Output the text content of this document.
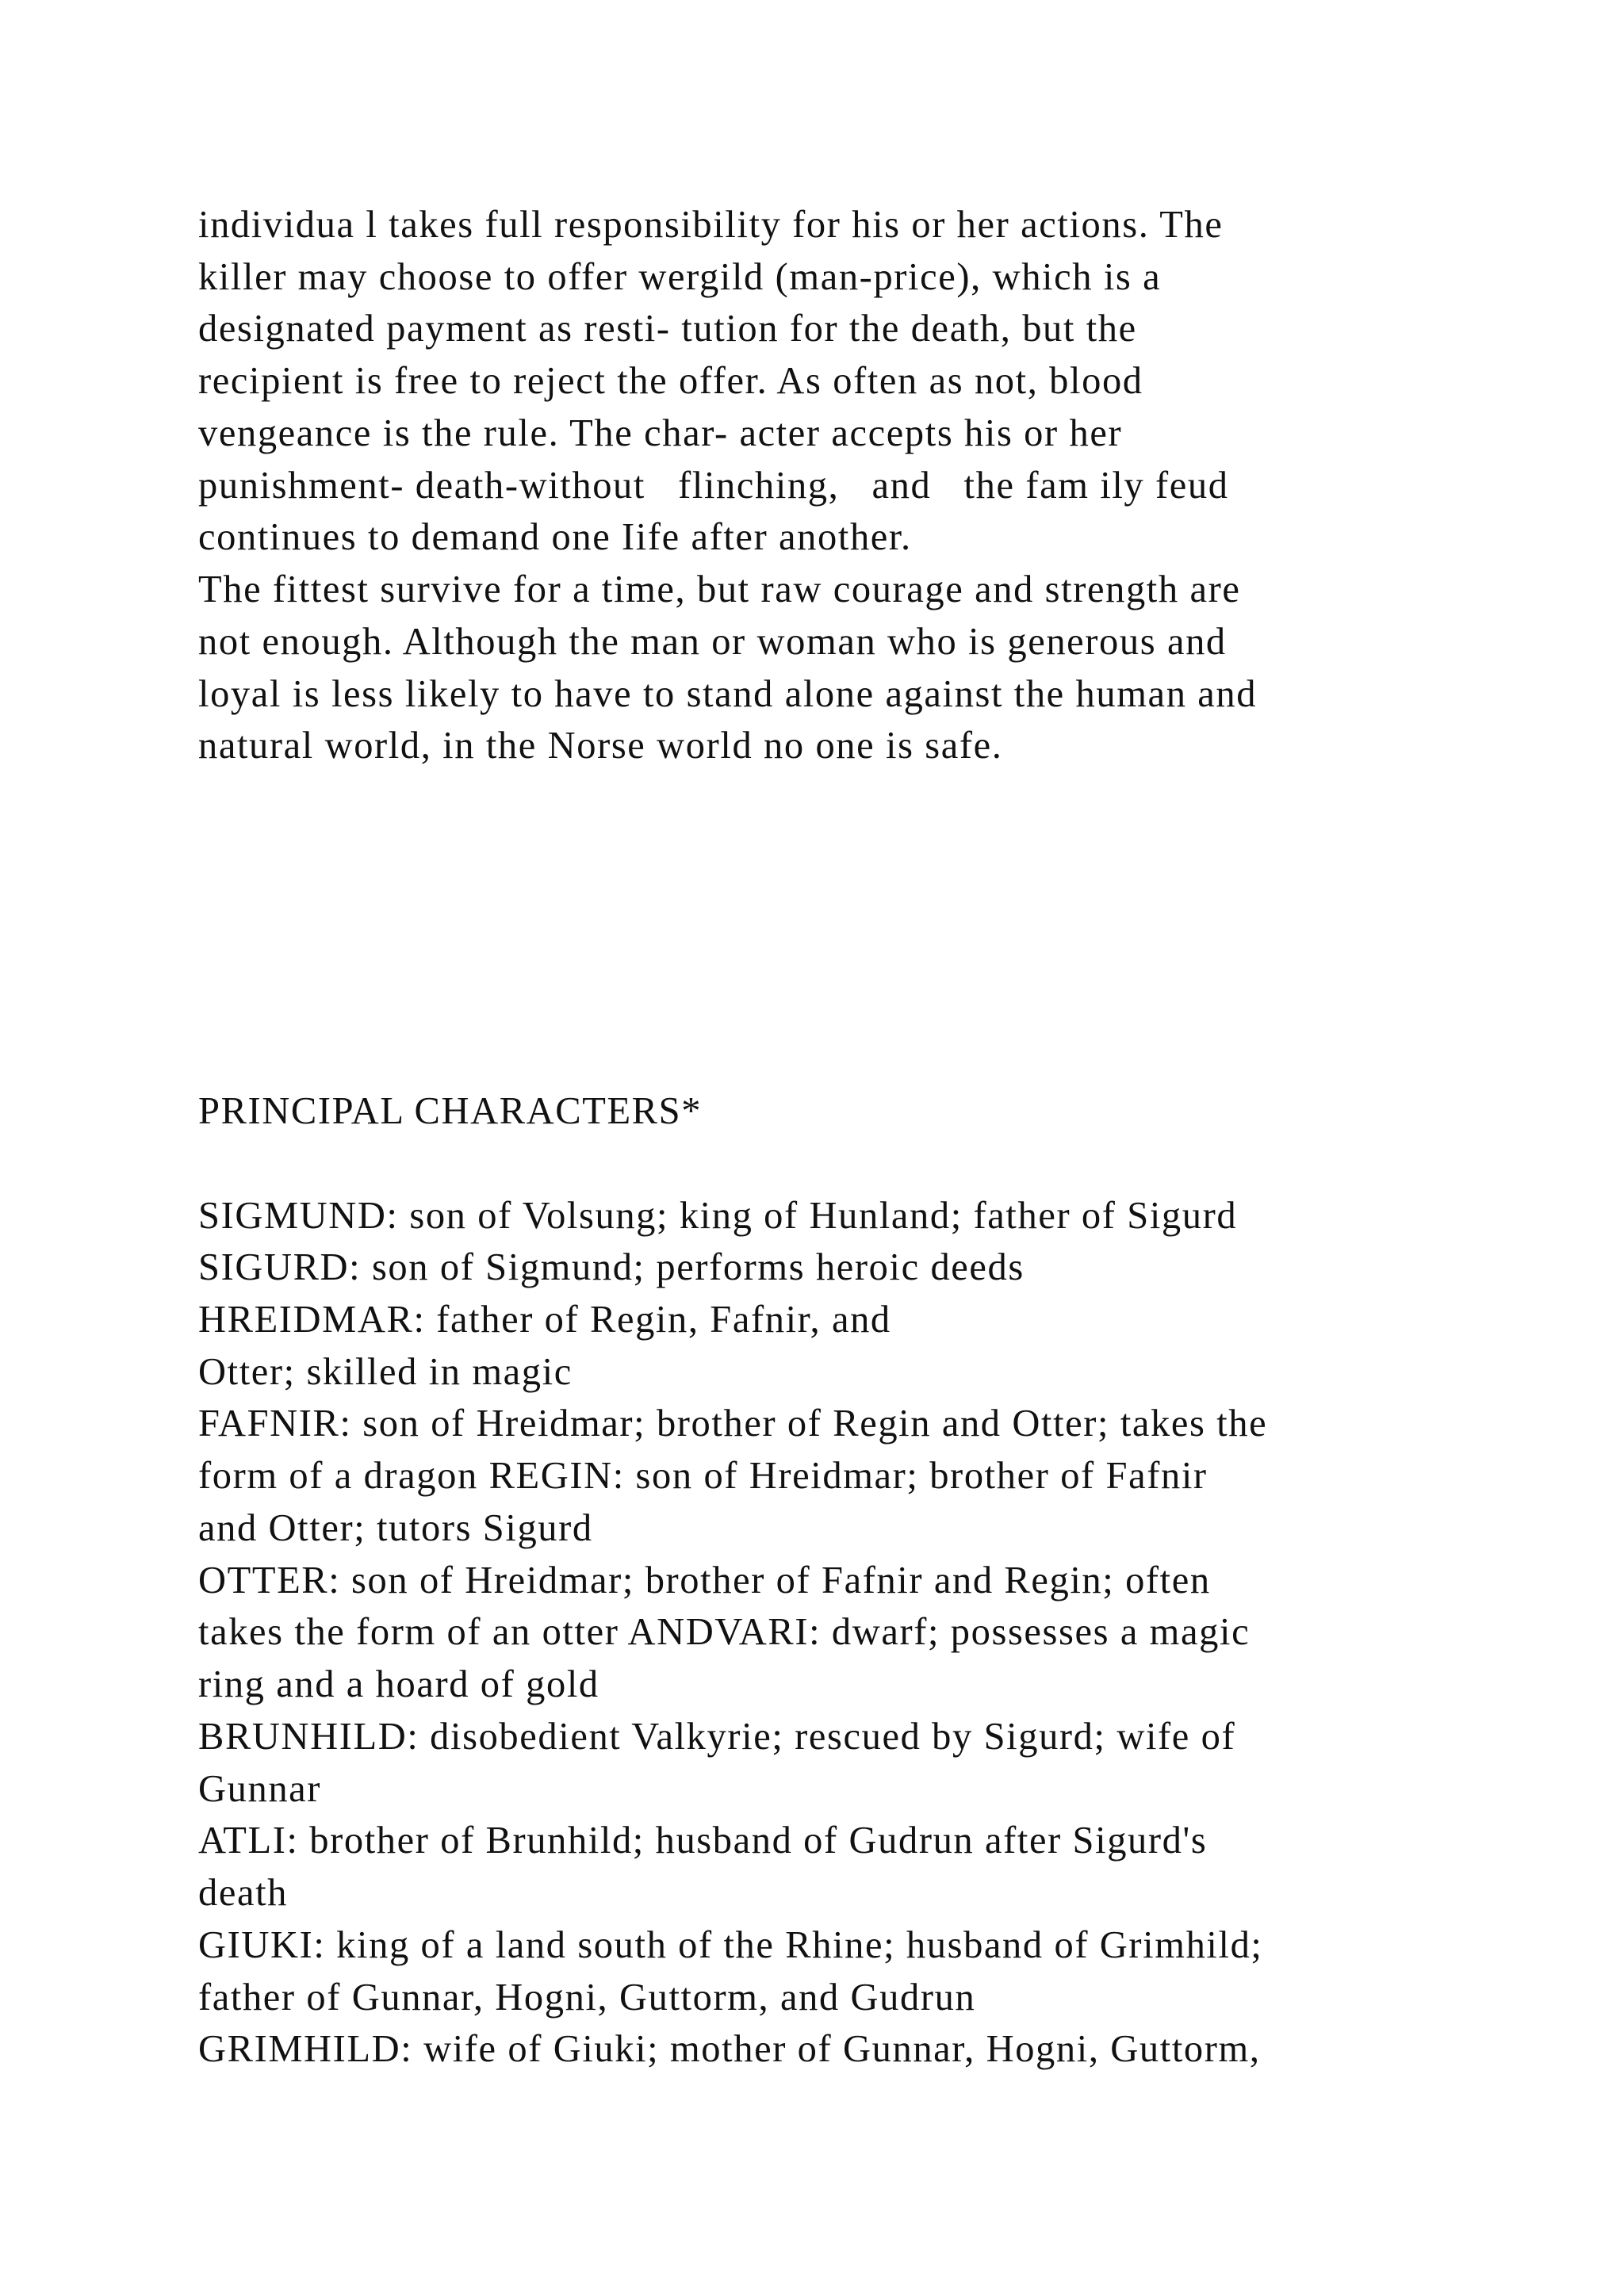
individua l takes full responsibility for his or her actions. The

killer may choose to offer wergild (man-price), which is a

designated payment as resti- tution for the death, but the

recipient is free to reject the offer. As often as not, blood

vengeance is the rule. The char- acter accepts his or her

punishment- death-without   flinching,   and   the fam ily feud

continues to demand one Iife after another.

The fittest survive for a time, but raw courage and strength are

not enough. Although the man or woman who is generous and

loyal is less likely to have to stand alone against the human and

natural world, in the Norse world no one is safe.

PRINCIPAL CHARACTERS*

SIGMUND: son of Volsung; king of Hunland; father of Sigurd

SIGURD: son of Sigmund; performs heroic deeds

HREIDMAR: father of Regin, Fafnir, and

Otter; skilled in magic

FAFNIR: son of Hreidmar; brother of Regin and Otter; takes the

form of a dragon REGIN: son of Hreidmar; brother of Fafnir

and Otter; tutors Sigurd

OTTER: son of Hreidmar; brother of Fafnir and Regin; often

takes the form of an otter ANDVARI: dwarf; possesses a magic

ring and a hoard of gold

BRUNHILD: disobedient Valkyrie; rescued by Sigurd; wife of

Gunnar

ATLI: brother of Brunhild; husband of Gudrun after Sigurd's

death

GIUKI: king of a land south of the Rhine; husband of Grimhild;

father of Gunnar, Hogni, Guttorm, and Gudrun

GRIMHILD: wife of Giuki; mother of Gunnar, Hogni, Guttorm,
